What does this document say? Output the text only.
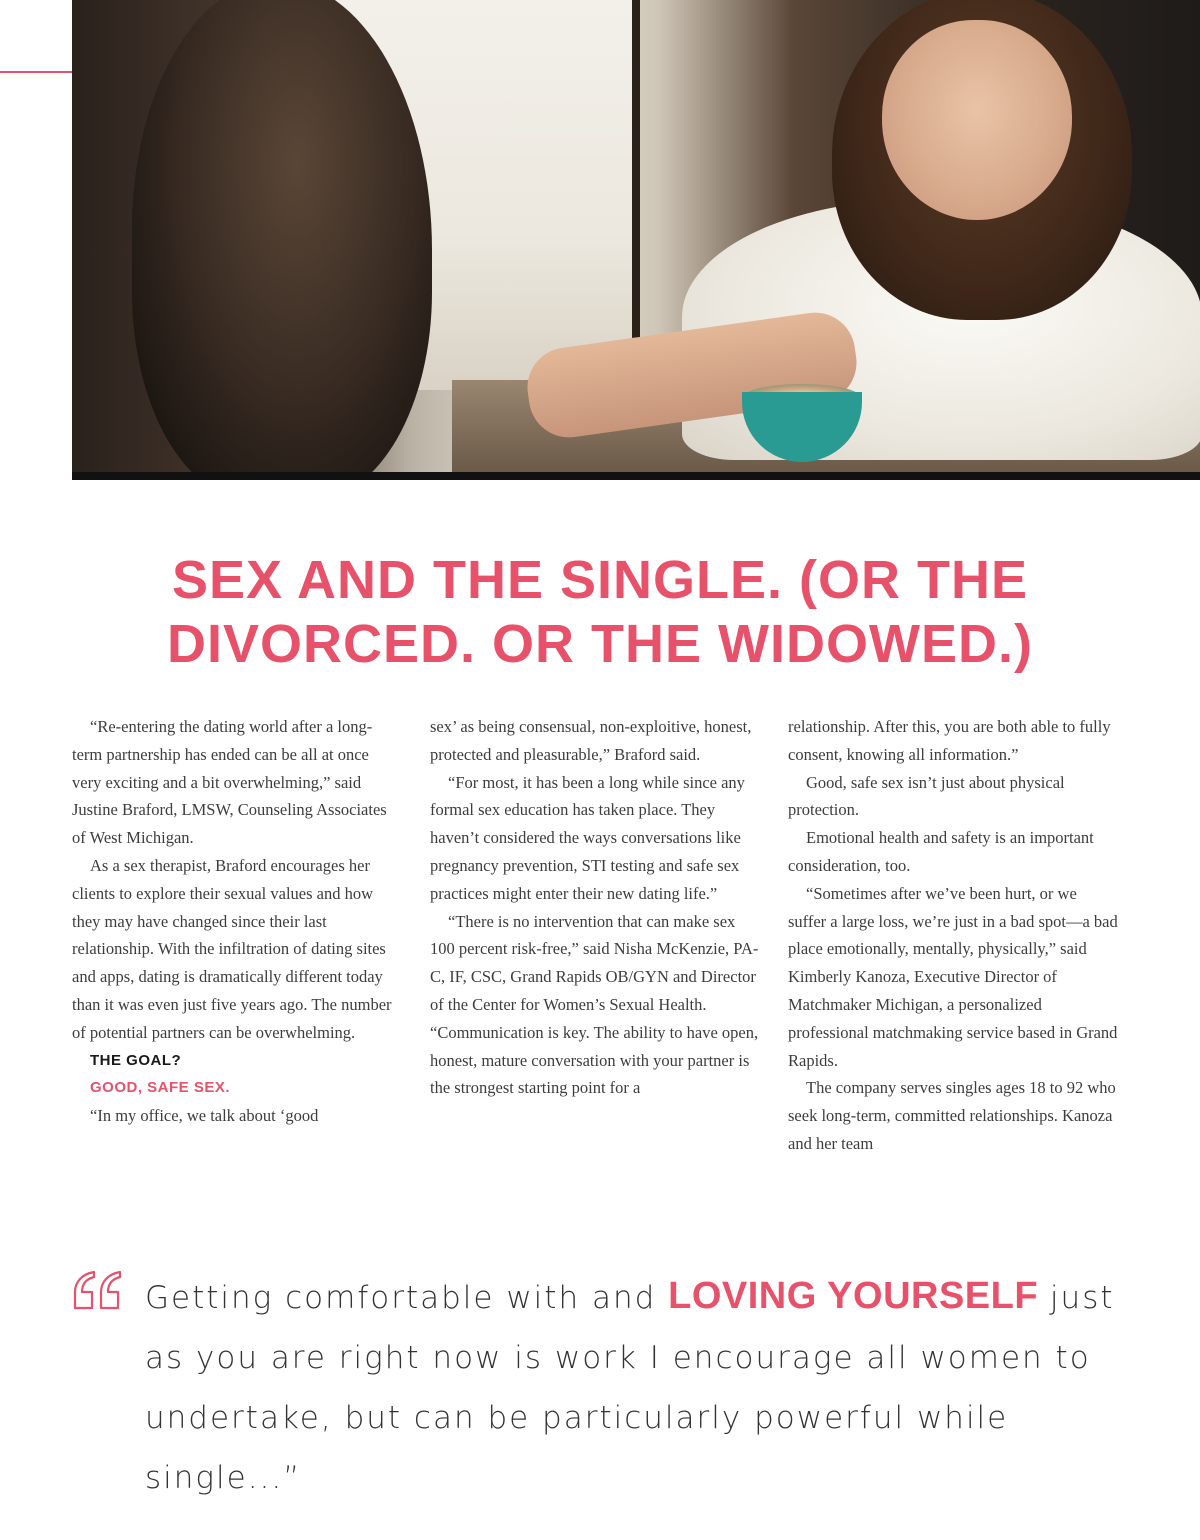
SEX AND THE SINGLE. (OR THE
DIVORCED. OR THE WIDOWED.)

“Re-entering the dating world after a long-term partnership has ended can be all at once very exciting and a bit overwhelming,” said Justine Braford, LMSW, Counseling Associates of West Michigan.

As a sex therapist, Braford encourages her clients to explore their sexual values and how they may have changed since their last relationship. With the infiltration of dating sites and apps, dating is dramatically different today than it was even just five years ago. The number of potential partners can be overwhelming.

THE GOAL?
GOOD, SAFE SEX.

“In my office, we talk about ‘good

sex’ as being consensual, non-exploitive, honest, protected and pleasurable,” Braford said.

“For most, it has been a long while since any formal sex education has taken place. They haven’t considered the ways conversations like pregnancy prevention, STI testing and safe sex practices might enter their new dating life.”

“There is no intervention that can make sex 100 percent risk-free,” said Nisha McKenzie, PA-C, IF, CSC, Grand Rapids OB/GYN and Director of the Center for Women’s Sexual Health. “Communication is key. The ability to have open, honest, mature conversation with your partner is the strongest starting point for a

relationship. After this, you are both able to fully consent, knowing all information.”

Good, safe sex isn’t just about physical protection.

Emotional health and safety is an important consideration, too.

“Sometimes after we’ve been hurt, or we suffer a large loss, we’re just in a bad spot—a bad place emotionally, mentally, physically,” said Kimberly Kanoza, Executive Director of Matchmaker Michigan, a personalized professional matchmaking service based in Grand Rapids.

The company serves singles ages 18 to 92 who seek long-term, committed relationships. Kanoza and her team

Getting comfortable with and LOVING YOURSELF just as you are right now is work I encourage all women to undertake, but can be particularly powerful while single...”
